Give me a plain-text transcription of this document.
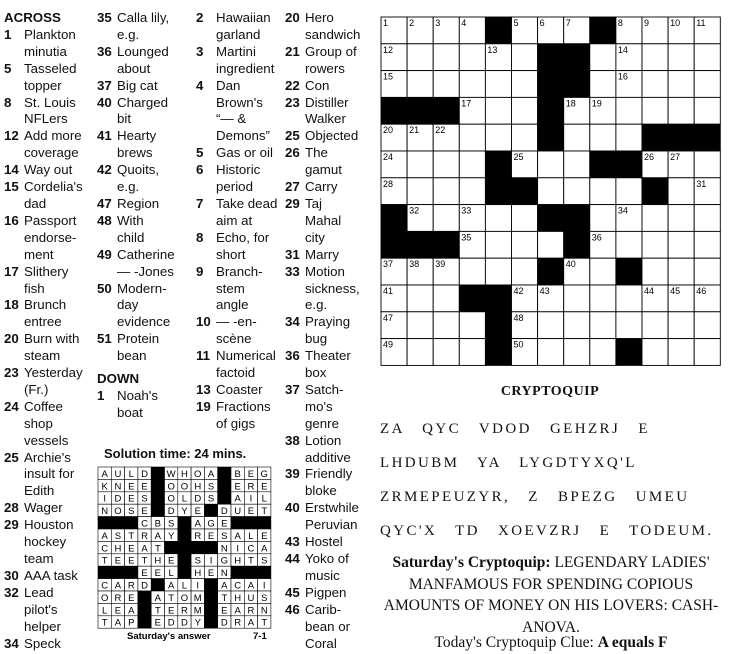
ACROSS
1 Plankton
minutia
5 Tasseled
topper
8 St. Louis
NFLers
12 Add more
coverage
14 Way out
15 Cordelia's
dad
16 Passport
endorse-
ment
17 Slithery
fish
18 Brunch
entree
20 Burn with
steam
23 Yesterday
(Fr.)
24 Coffee
shop
vessels
25 Archie's
insult for
Edith
28 Wager
29 Houston
hockey
team
30 AAA task
32 Lead
pilot's
helper
34 Speck
35 Calla lily,
e.g.
36 Lounged
about
37 Big cat
40 Charged
bit
41 Hearty
brews
42 Quoits,
e.g.
47 Region
48 With
child
49 Catherine
— -Jones
50 Modern-
day
evidence
51 Protein
bean
DOWN
1 Noah's
boat
2 Hawaiian
garland
3 Martini
ingredient
4 Dan
Brown's
“— &
Demons”
5 Gas or oil
6 Historic
period
7 Take dead
aim at
8 Echo, for
short
9 Branch-
stem
angle
10 — -en-
scène
11 Numerical
factoid
13 Coaster
19 Fractions
of gigs
20 Hero
sandwich
21 Group of
rowers
22 Con
23 Distiller
Walker
25 Objected
26 The
gamut
27 Carry
29 Taj
Mahal
city
31 Marry
33 Motion
sickness,
e.g.
34 Praying
bug
36 Theater
box
37 Satch-
mo's
genre
38 Lotion
additive
39 Friendly
bloke
40 Erstwhile
Peruvian
43 Hostel
44 Yoko of
music
45 Pigpen
46 Carib-
bean or
Coral
Solution time: 24 mins.
A U L D W H O A B E G
K N E E O O H S E R E
I D E S O L D S A I L
N O S E D Y E D U E T
C B S A G E
A S T R A Y R E S A L E
C H E A T	N I C A
T E E T H E S I G H T S
E E L H E N
C A R D A L I A C A I
O R E A T O M T H U S
L E A T E R M E A R N
T A P E D D Y D R A T
Saturday's answer	7-1
1 2 3 4	5 6 7	8 9 10 11
12	13	14
15	16
17	18 19
20 21 22	23
24	25	26 27
28	29	30	31
32	33	34
35	36
37 38 39	40
41	42 43	44 45 46
47	48
49	50	51
CRYPTOQUIP
ZA QYC VDOD GEHZRJ E
LHDUBM YA LYGDTYXQ'L
ZRMEPEUZYR, Z BPEZG UMEU
QYC'X TD XOEVZRJ E TODEUM.
Saturday's Cryptoquip: LEGENDARY LADIES' MANFAMOUS FOR SPENDING COPIOUS AMOUNTS OF MONEY ON HIS LOVERS: CASH-ANOVA.
Today's Cryptoquip Clue: A equals F
